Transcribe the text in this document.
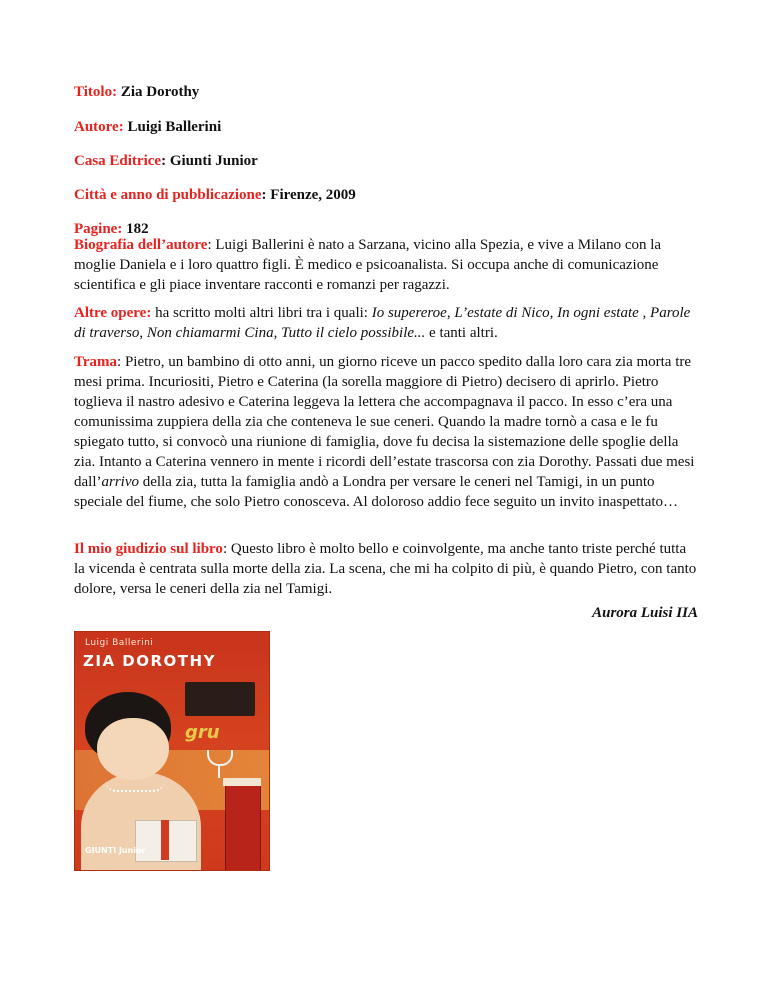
Titolo: Zia Dorothy

Autore: Luigi Ballerini

Casa Editrice: Giunti Junior

Città e anno di pubblicazione: Firenze, 2009

Pagine: 182

Biografia dell’autore: Luigi Ballerini è nato a Sarzana, vicino alla Spezia, e vive a Milano con la moglie Daniela e i loro quattro figli. È medico e psicoanalista. Si occupa anche di comunicazione scientifica e gli piace inventare racconti e romanzi per ragazzi.

Altre opere: ha scritto molti altri libri tra i quali: Io supereroe, L’estate di Nico, In ogni estate , Parole di traverso, Non chiamarmi Cina, Tutto il cielo possibile... e tanti altri.

Trama: Pietro, un bambino di otto anni, un giorno riceve un pacco spedito dalla loro cara zia morta tre mesi prima. Incuriositi, Pietro e Caterina (la sorella maggiore di Pietro) decisero di aprirlo. Pietro toglieva il nastro adesivo e Caterina leggeva la lettera che accompagnava il pacco. In esso c’era una comunissima zuppiera della zia che conteneva le sue ceneri. Quando la madre tornò a casa e le fu spiegato tutto, si convocò una riunione di famiglia, dove fu decisa la sistemazione delle spoglie della zia. Intanto a Caterina vennero in mente i ricordi dell’estate trascorsa con zia Dorothy. Passati due mesi dall’arrivo della zia, tutta la famiglia andò a Londra per versare le ceneri nel Tamigi, in un punto speciale del fiume, che solo Pietro conosceva. Al doloroso addio fece seguito un invito inaspettato…

Il mio giudizio sul libro: Questo libro è molto bello e coinvolgente, ma anche tanto triste perché tutta la vicenda è centrata sulla morte della zia. La scena, che mi ha colpito di più, è quando Pietro, con tanto dolore, versa le ceneri della zia nel Tamigi.

Aurora Luisi IIA
Luigi Ballerini
ZIA DOROTHY
gru
GIUNTI Junior
